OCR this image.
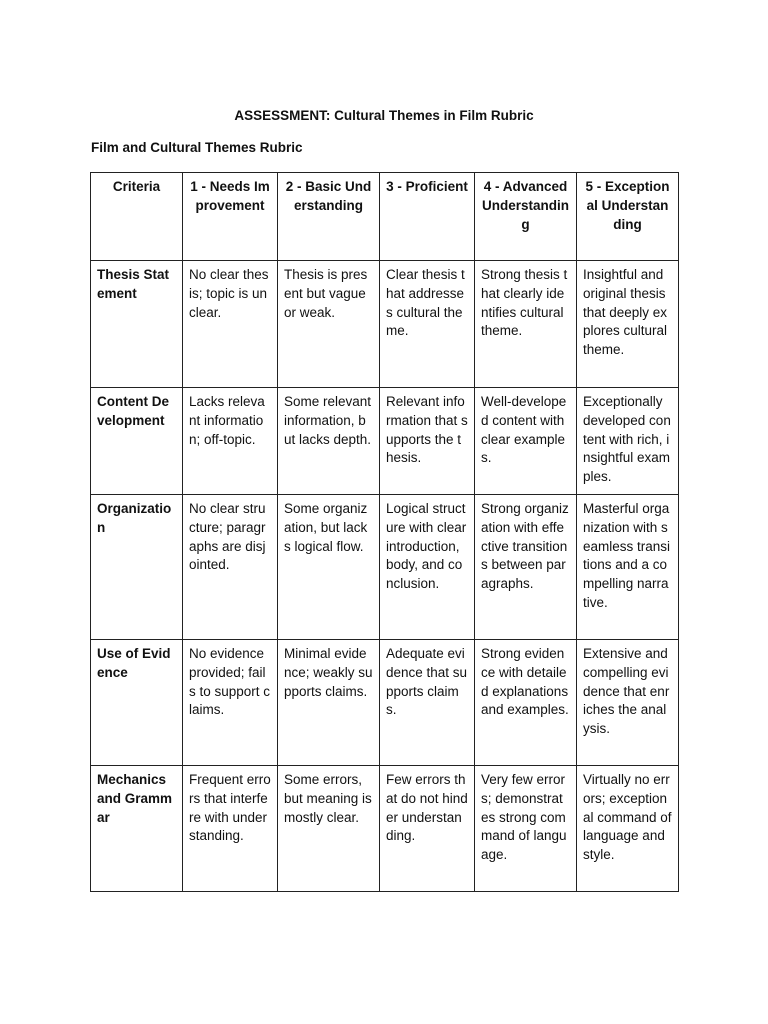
ASSESSMENT: Cultural Themes in Film Rubric
Film and Cultural Themes Rubric
Criteria	1 - Needs Improvement	2 - Basic Understanding	3 - Proficient	4 - Advanced Understanding	5 - Exceptional Understanding
Thesis Statement	No clear thesis; topic is unclear.	Thesis is present but vague or weak.	Clear thesis that addresses cultural theme.	Strong thesis that clearly identifies cultural theme.	Insightful and original thesis that deeply explores cultural theme.
Content Development	Lacks relevant information; off-topic.	Some relevant information, but lacks depth.	Relevant information that supports the thesis.	Well-developed content with clear examples.	Exceptionally developed content with rich, insightful examples.
Organization	No clear structure; paragraphs are disjointed.	Some organization, but lacks logical flow.	Logical structure with clear introduction, body, and conclusion.	Strong organization with effective transitions between paragraphs.	Masterful organization with seamless transitions and a compelling narrative.
Use of Evidence	No evidence provided; fails to support claims.	Minimal evidence; weakly supports claims.	Adequate evidence that supports claims.	Strong evidence with detailed explanations and examples.	Extensive and compelling evidence that enriches the analysis.
Mechanics and Grammar	Frequent errors that interfere with understanding.	Some errors, but meaning is mostly clear.	Few errors that do not hinder understanding.	Very few errors; demonstrates strong command of language.	Virtually no errors; exceptional command of language and style.
